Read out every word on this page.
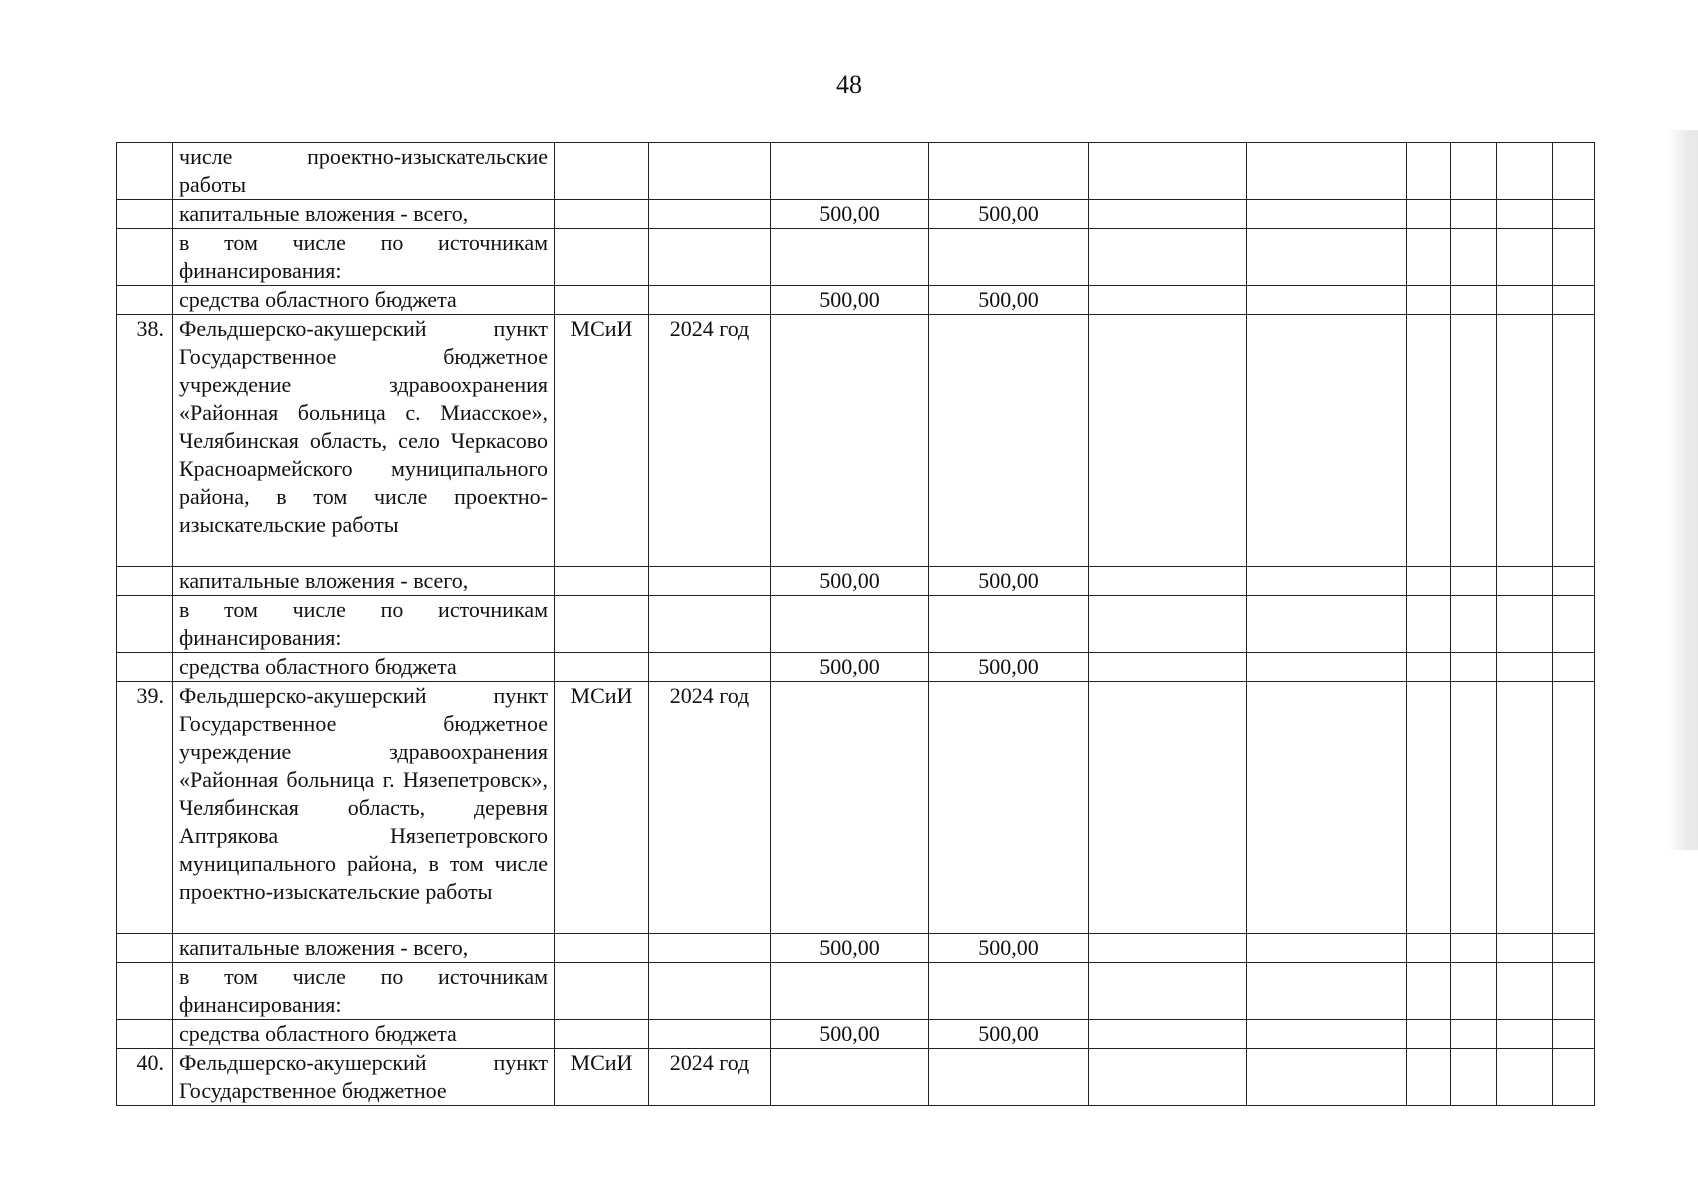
48
	числе проектно-изыскательские работы										
	капитальные вложения - всего,			500,00	500,00						
	в том числе по источникам финансирования:										
	средства областного бюджета			500,00	500,00						
38.	Фельдшерско-акушерский пункт Государственное бюджетное учреждение здравоохранения «Районная больница с. Миасское», Челябинская область, село Черкасово Красноармейского муниципального района, в том числе проектно-изыскательские работы	МСиИ	2024 год								
	капитальные вложения - всего,			500,00	500,00						
	в том числе по источникам финансирования:										
	средства областного бюджета			500,00	500,00						
39.	Фельдшерско-акушерский пункт Государственное бюджетное учреждение здравоохранения «Районная больница г. Нязепетровск», Челябинская область, деревня Аптрякова Нязепетровского муниципального района, в том числе проектно-изыскательские работы	МСиИ	2024 год								
	капитальные вложения - всего,			500,00	500,00						
	в том числе по источникам финансирования:										
	средства областного бюджета			500,00	500,00						
40.	Фельдшерско-акушерский пункт Государственное бюджетное	МСиИ	2024 год								
